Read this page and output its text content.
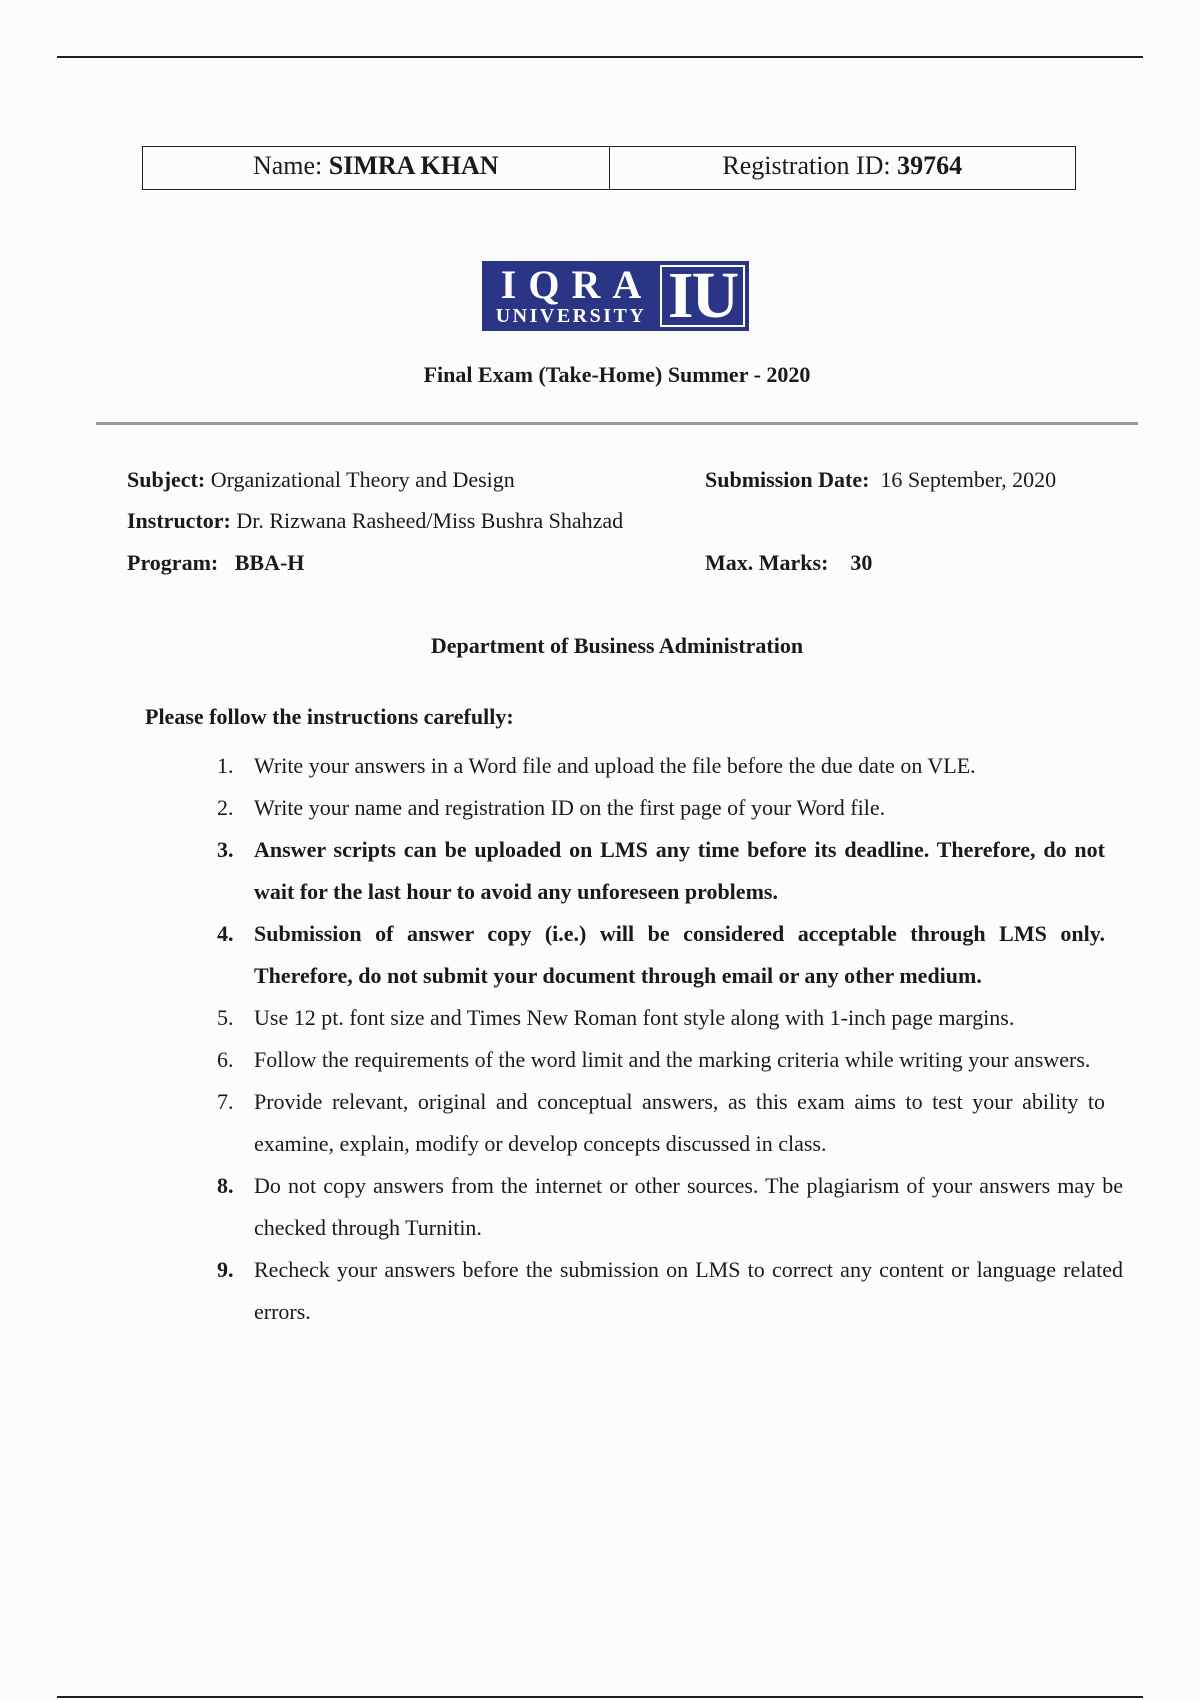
Name: SIMRA KHAN	Registration ID: 39764
IQRA
UNIVERSITY IU
Final Exam (Take-Home) Summer - 2020
Subject: Organizational Theory and Design	Submission Date: 16 September, 2020
Instructor: Dr. Rizwana Rasheed/Miss Bushra Shahzad
Program: BBA-H	Max. Marks: 30
Department of Business Administration
Please follow the instructions carefully:
1. Write your answers in a Word file and upload the file before the due date on VLE.
2. Write your name and registration ID on the first page of your Word file.
3. Answer scripts can be uploaded on LMS any time before its deadline. Therefore, do not wait for the last hour to avoid any unforeseen problems.
4. Submission of answer copy (i.e.) will be considered acceptable through LMS only. Therefore, do not submit your document through email or any other medium.
5. Use 12 pt. font size and Times New Roman font style along with 1-inch page margins.
6. Follow the requirements of the word limit and the marking criteria while writing your answers.
7. Provide relevant, original and conceptual answers, as this exam aims to test your ability to examine, explain, modify or develop concepts discussed in class.
8. Do not copy answers from the internet or other sources. The plagiarism of your answers may be checked through Turnitin.
9. Recheck your answers before the submission on LMS to correct any content or language related errors.
